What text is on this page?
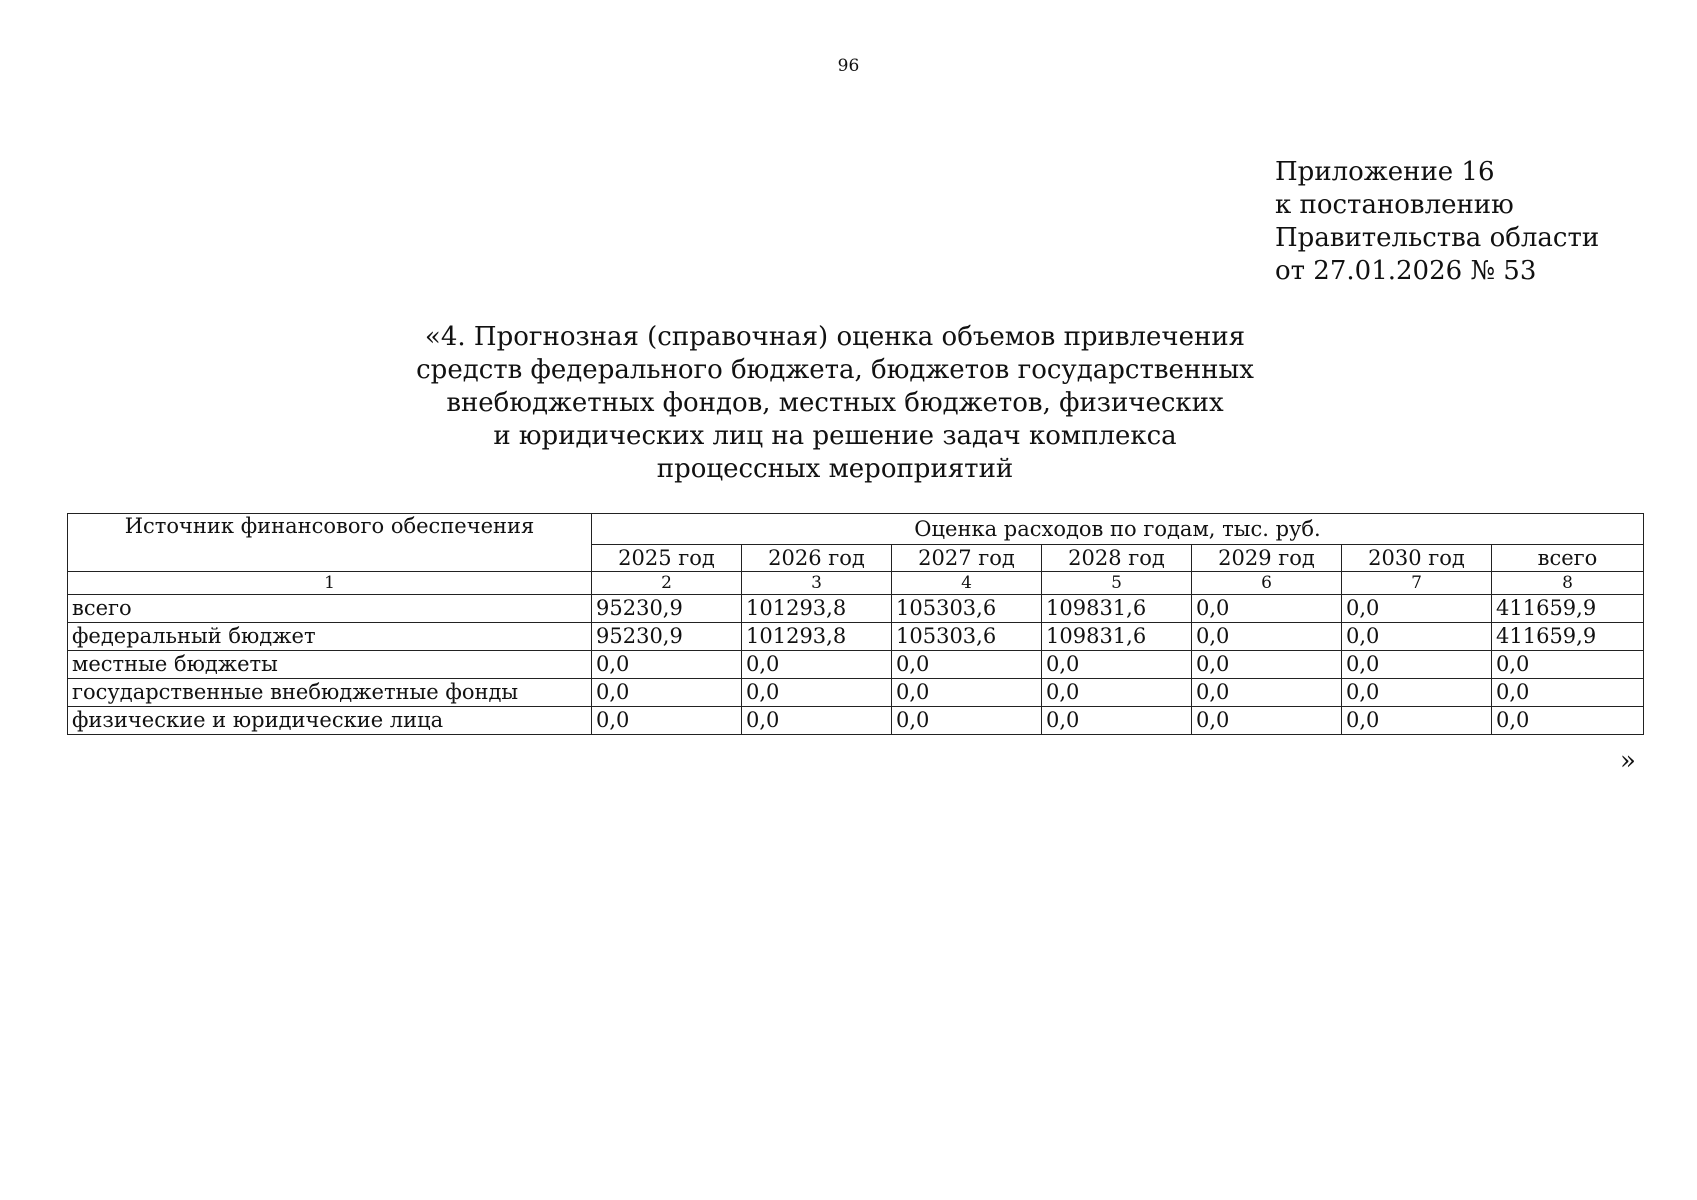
96
Приложение 16
к постановлению
Правительства области
от 27.01.2026 № 53
«4. Прогнозная (справочная) оценка объемов привлечения
средств федерального бюджета, бюджетов государственных
внебюджетных фондов, местных бюджетов, физических
и юридических лиц на решение задач комплекса
процессных мероприятий
Источник финансового обеспечения	Оценка расходов по годам, тыс. руб.						
	2025 год	2026 год	2027 год	2028 год	2029 год	2030 год	всего
1	2	3	4	5	6	7	8
всего	95230,9	101293,8	105303,6	109831,6	0,0	0,0	411659,9
федеральный бюджет	95230,9	101293,8	105303,6	109831,6	0,0	0,0	411659,9
местные бюджеты	0,0	0,0	0,0	0,0	0,0	0,0	0,0
государственные внебюджетные фонды	0,0	0,0	0,0	0,0	0,0	0,0	0,0
физические и юридические лица	0,0	0,0	0,0	0,0	0,0	0,0	0,0
»
